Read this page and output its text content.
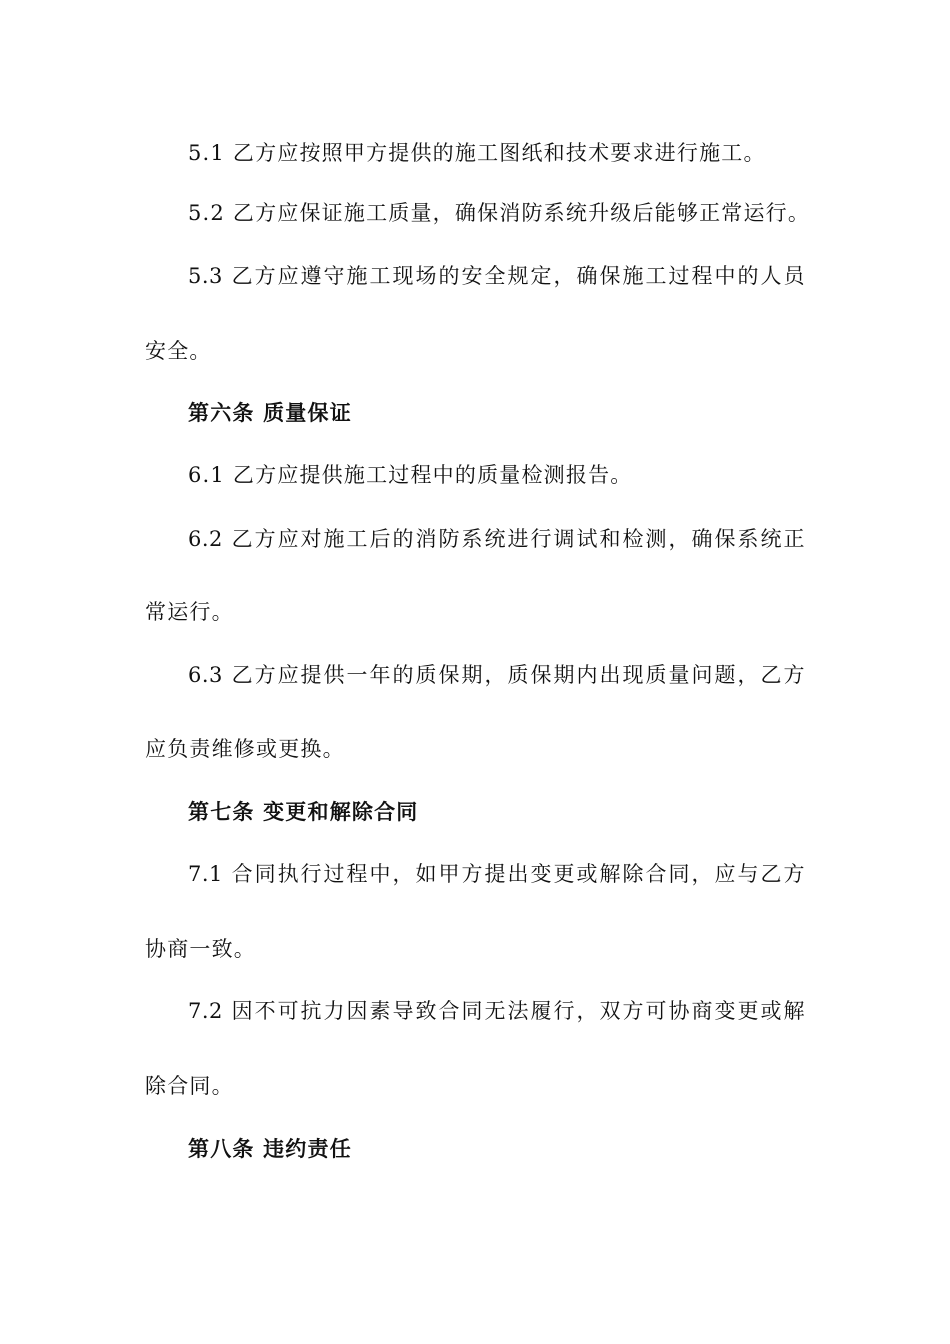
5.1 乙方应按照甲方提供的施工图纸和技术要求进行施工。
5.2 乙方应保证施工质量，确保消防系统升级后能够正常运行。
5.3 乙方应遵守施工现场的安全规定，确保施工过程中的人员
安全。
第六条 质量保证
6.1 乙方应提供施工过程中的质量检测报告。
6.2 乙方应对施工后的消防系统进行调试和检测，确保系统正
常运行。
6.3 乙方应提供一年的质保期，质保期内出现质量问题，乙方
应负责维修或更换。
第七条 变更和解除合同
7.1 合同执行过程中，如甲方提出变更或解除合同，应与乙方
协商一致。
7.2 因不可抗力因素导致合同无法履行，双方可协商变更或解
除合同。
第八条 违约责任
